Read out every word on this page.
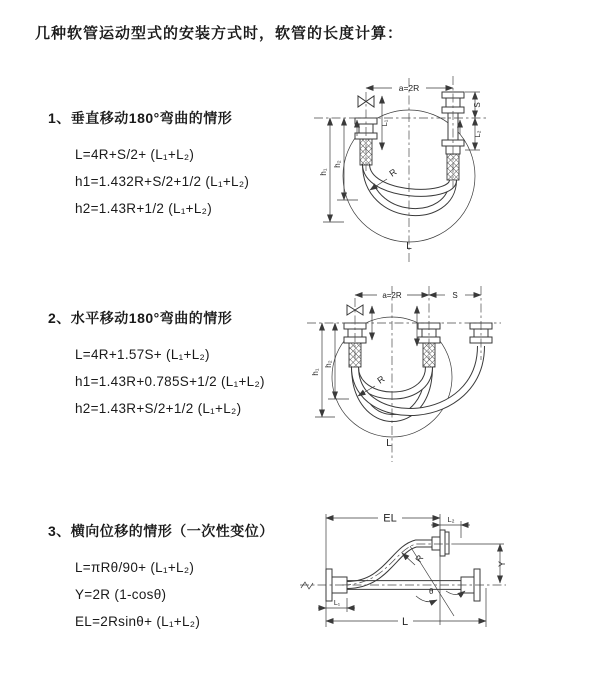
几种软管运动型式的安装方式时，软管的长度计算：
1、垂直移动180°弯曲的情形
L=4R+S/2+ (L₁+L₂)
h1=1.432R+S/2+1/2 (L₁+L₂)
h2=1.43R+1/2 (L₁+L₂)
2、水平移动180°弯曲的情形
L=4R+1.57S+ (L₁+L₂)
h1=1.43R+0.785S+1/2 (L₁+L₂)
h2=1.43R+S/2+1/2 (L₁+L₂)
3、横向位移的情形（一次性变位）
L=πRθ/90+ (L₁+L₂)
Y=2R (1-cosθ)
EL=2Rsinθ+ (L₁+L₂)
a=2R
h₁
h₂
L₁
S
L₂
R
L
a=2R	S
h₁
h₂
R
L
θ
R
EL	L₂
Y
L
L₁
